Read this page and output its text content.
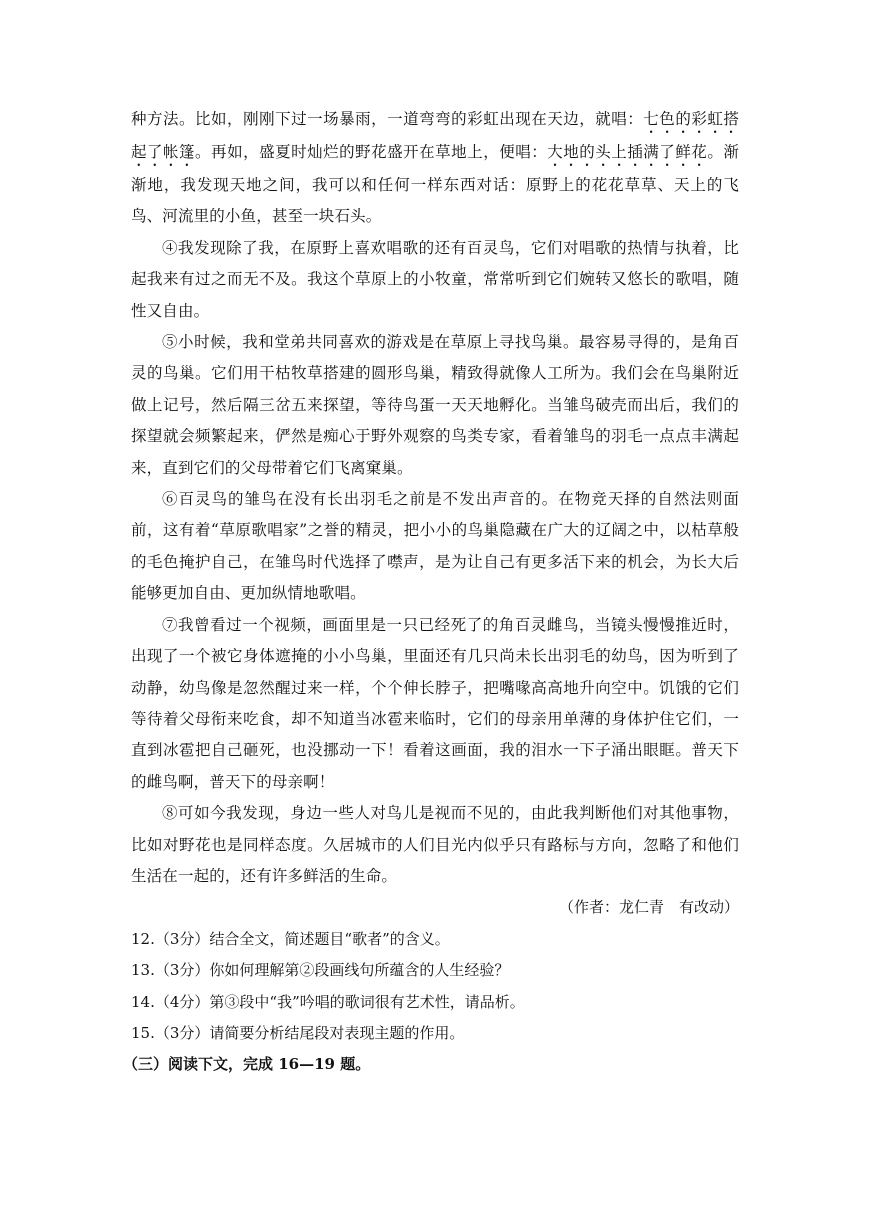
种方法。比如，刚刚下过一场暴雨，一道弯弯的彩虹出现在天边，就唱：七色的彩虹搭起了帐篷。再如，盛夏时灿烂的野花盛开在草地上，便唱：大地的头上插满了鲜花。渐渐地，我发现天地之间，我可以和任何一样东西对话：原野上的花花草草、天上的飞鸟、河流里的小鱼，甚至一块石头。

④我发现除了我，在原野上喜欢唱歌的还有百灵鸟，它们对唱歌的热情与执着，比起我来有过之而无不及。我这个草原上的小牧童，常常听到它们婉转又悠长的歌唱，随性又自由。

⑤小时候，我和堂弟共同喜欢的游戏是在草原上寻找鸟巢。最容易寻得的，是角百灵的鸟巢。它们用干枯牧草搭建的圆形鸟巢，精致得就像人工所为。我们会在鸟巢附近做上记号，然后隔三岔五来探望，等待鸟蛋一天天地孵化。当雏鸟破壳而出后，我们的探望就会频繁起来，俨然是痴心于野外观察的鸟类专家，看着雏鸟的羽毛一点点丰满起来，直到它们的父母带着它们飞离窠巢。

⑥百灵鸟的雏鸟在没有长出羽毛之前是不发出声音的。在物竞天择的自然法则面前，这有着“草原歌唱家”之誉的精灵，把小小的鸟巢隐藏在广大的辽阔之中，以枯草般的毛色掩护自己，在雏鸟时代选择了噤声，是为让自己有更多活下来的机会，为长大后能够更加自由、更加纵情地歌唱。

⑦我曾看过一个视频，画面里是一只已经死了的角百灵雌鸟，当镜头慢慢推近时，出现了一个被它身体遮掩的小小鸟巢，里面还有几只尚未长出羽毛的幼鸟，因为听到了动静，幼鸟像是忽然醒过来一样，个个伸长脖子，把嘴喙高高地升向空中。饥饿的它们等待着父母衔来吃食，却不知道当冰雹来临时，它们的母亲用单薄的身体护住它们，一直到冰雹把自己砸死，也没挪动一下！看着这画面，我的泪水一下子涌出眼眶。普天下的雌鸟啊，普天下的母亲啊！

⑧可如今我发现，身边一些人对鸟儿是视而不见的，由此我判断他们对其他事物，比如对野花也是同样态度。久居城市的人们目光内似乎只有路标与方向，忽略了和他们生活在一起的，还有许多鲜活的生命。

（作者：龙仁青　有改动）

12.（3分）结合全文，简述题目“歌者”的含义。

13.（3分）你如何理解第②段画线句所蕴含的人生经验？

14.（4分）第③段中“我”吟唱的歌词很有艺术性，请品析。

15.（3分）请简要分析结尾段对表现主题的作用。

（三）阅读下文，完成 16—19 题。
